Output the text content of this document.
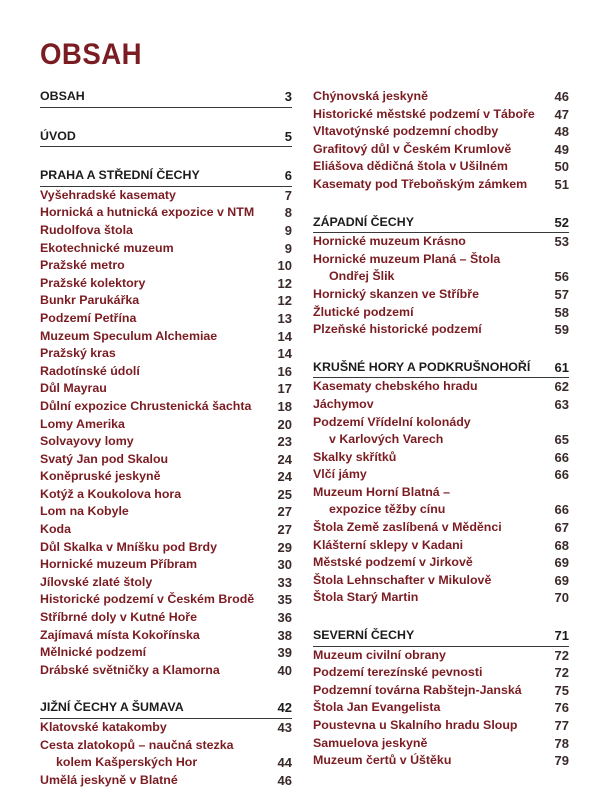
OBSAH
OBSAH	3
ÚVOD	5
PRAHA A STŘEDNÍ ČECHY	6
Vyšehradské kasematy	7
Hornická a hutnická expozice v NTM	8
Rudolfova štola	9
Ekotechnické muzeum	9
Pražské metro	10
Pražské kolektory	12
Bunkr Parukářka	12
Podzemí Petřína	13
Muzeum Speculum Alchemiae	14
Pražský kras	14
Radotínské údolí	16
Důl Mayrau	17
Důlní expozice Chrustenická šachta	18
Lomy Amerika	20
Solvayovy lomy	23
Svatý Jan pod Skalou	24
Koněpruské jeskyně	24
Kotýž a Koukolova hora	25
Lom na Kobyle	27
Koda	27
Důl Skalka v Mníšku pod Brdy	29
Hornické muzeum Příbram	30
Jílovské zlaté štoly	33
Historické podzemí v Českém Brodě	35
Stříbrné doly v Kutné Hoře	36
Zajímavá místa Kokořínska	38
Mělnické podzemí	39
Drábské světničky a Klamorna	40
JIŽNÍ ČECHY A ŠUMAVA	42
Klatovské katakomby	43
Cesta zlatokopů – naučná stezka
kolem Kašperských Hor	44
Umělá jeskyně v Blatné	46
Chýnovská jeskyně	46
Historické městské podzemí v Táboře	47
Vltavotýnské podzemní chodby	48
Grafitový důl v Českém Krumlově	49
Eliášova dědičná štola v Ušilném	50
Kasematy pod Třeboňským zámkem	51
ZÁPADNÍ ČECHY	52
Hornické muzeum Krásno	53
Hornické muzeum Planá – Štola
Ondřej Šlik	56
Hornický skanzen ve Stříbře	57
Žlutické podzemí	58
Plzeňské historické podzemí	59
KRUŠNÉ HORY A PODKRUŠNOHOŘÍ	61
Kasematy chebského hradu	62
Jáchymov	63
Podzemí Vřídelní kolonády
v Karlových Varech	65
Skalky skřítků	66
Vlčí jámy	66
Muzeum Horní Blatná –
expozice těžby cínu	66
Štola Země zaslíbená v Měděnci	67
Klášterní sklepy v Kadani	68
Městské podzemí v Jirkově	69
Štola Lehnschafter v Mikulově	69
Štola Starý Martin	70
SEVERNÍ ČECHY	71
Muzeum civilní obrany	72
Podzemí terezínské pevnosti	72
Podzemní továrna Rabštejn-Janská	75
Štola Jan Evangelista	76
Poustevna u Skalního hradu Sloup	77
Samuelova jeskyně	78
Muzeum čertů v Úštěku	79
